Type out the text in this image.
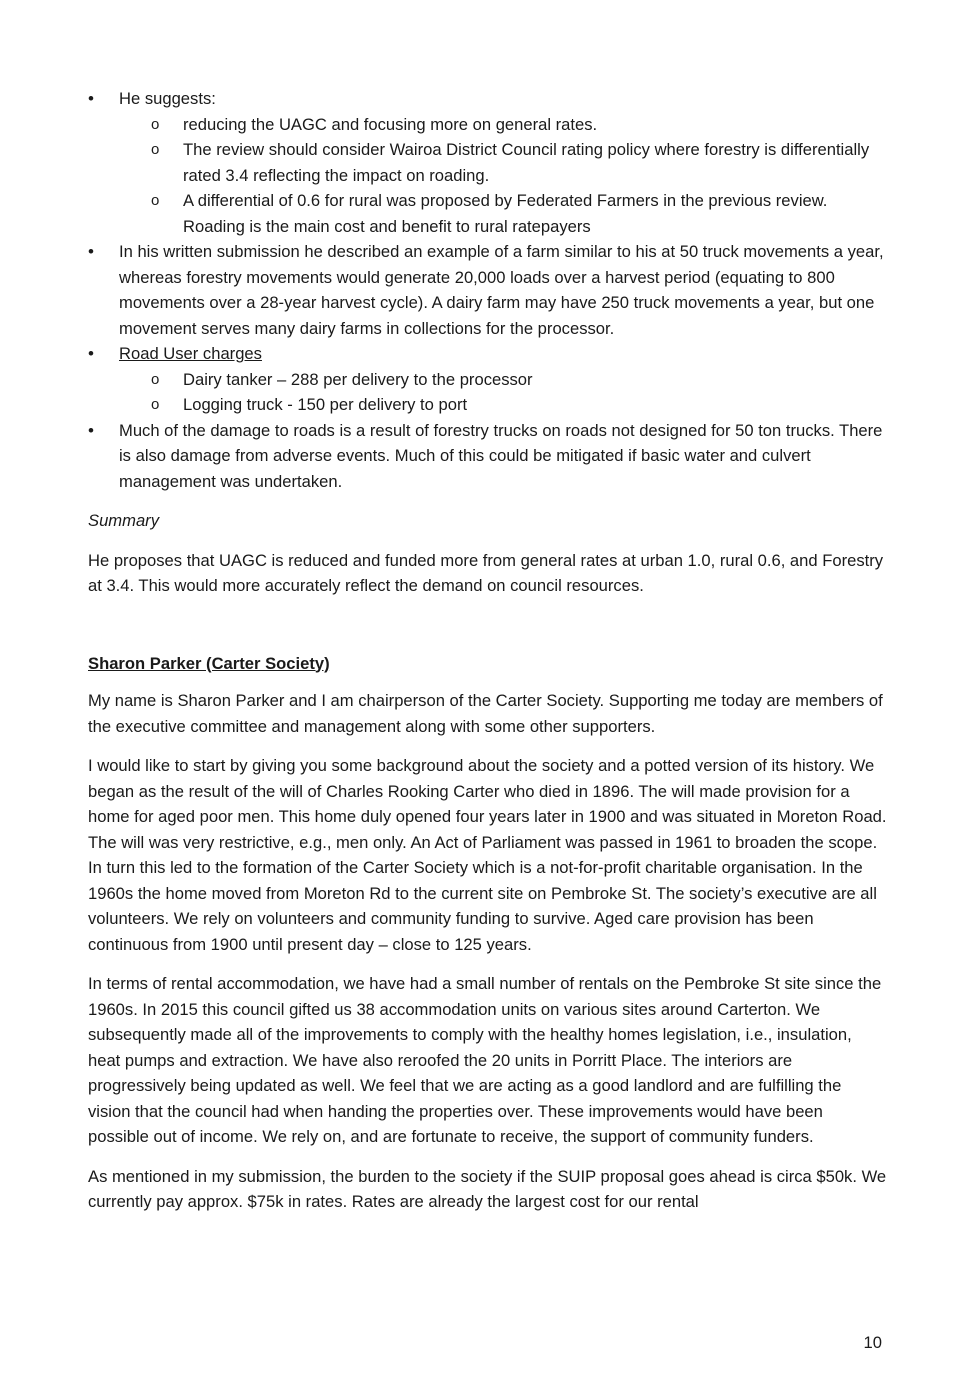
• He suggests:
o reducing the UAGC and focusing more on general rates.
o The review should consider Wairoa District Council rating policy where forestry is differentially rated 3.4 reflecting the impact on roading.
o A differential of 0.6 for rural was proposed by Federated Farmers in the previous review. Roading is the main cost and benefit to rural ratepayers
• In his written submission he described an example of a farm similar to his at 50 truck movements a year, whereas forestry movements would generate 20,000 loads over a harvest period (equating to 800 movements over a 28-year harvest cycle). A dairy farm may have 250 truck movements a year, but one movement serves many dairy farms in collections for the processor.
• Road User charges
o Dairy tanker – 288 per delivery to the processor
o Logging truck - 150 per delivery to port
• Much of the damage to roads is a result of forestry trucks on roads not designed for 50 ton trucks. There is also damage from adverse events. Much of this could be mitigated if basic water and culvert management was undertaken.

Summary

He proposes that UAGC is reduced and funded more from general rates at urban 1.0, rural 0.6, and Forestry at 3.4. This would more accurately reflect the demand on council resources.

Sharon Parker (Carter Society)

My name is Sharon Parker and I am chairperson of the Carter Society. Supporting me today are members of the executive committee and management along with some other supporters.

I would like to start by giving you some background about the society and a potted version of its history. We began as the result of the will of Charles Rooking Carter who died in 1896. The will made provision for a home for aged poor men. This home duly opened four years later in 1900 and was situated in Moreton Road. The will was very restrictive, e.g., men only. An Act of Parliament was passed in 1961 to broaden the scope. In turn this led to the formation of the Carter Society which is a not-for-profit charitable organisation. In the 1960s the home moved from Moreton Rd to the current site on Pembroke St. The society’s executive are all volunteers. We rely on volunteers and community funding to survive. Aged care provision has been continuous from 1900 until present day – close to 125 years.

In terms of rental accommodation, we have had a small number of rentals on the Pembroke St site since the 1960s. In 2015 this council gifted us 38 accommodation units on various sites around Carterton. We subsequently made all of the improvements to comply with the healthy homes legislation, i.e., insulation, heat pumps and extraction. We have also reroofed the 20 units in Porritt Place. The interiors are progressively being updated as well. We feel that we are acting as a good landlord and are fulfilling the vision that the council had when handing the properties over. These improvements would have been possible out of income. We rely on, and are fortunate to receive, the support of community funders.

As mentioned in my submission, the burden to the society if the SUIP proposal goes ahead is circa $50k. We currently pay approx. $75k in rates. Rates are already the largest cost for our rental

10
